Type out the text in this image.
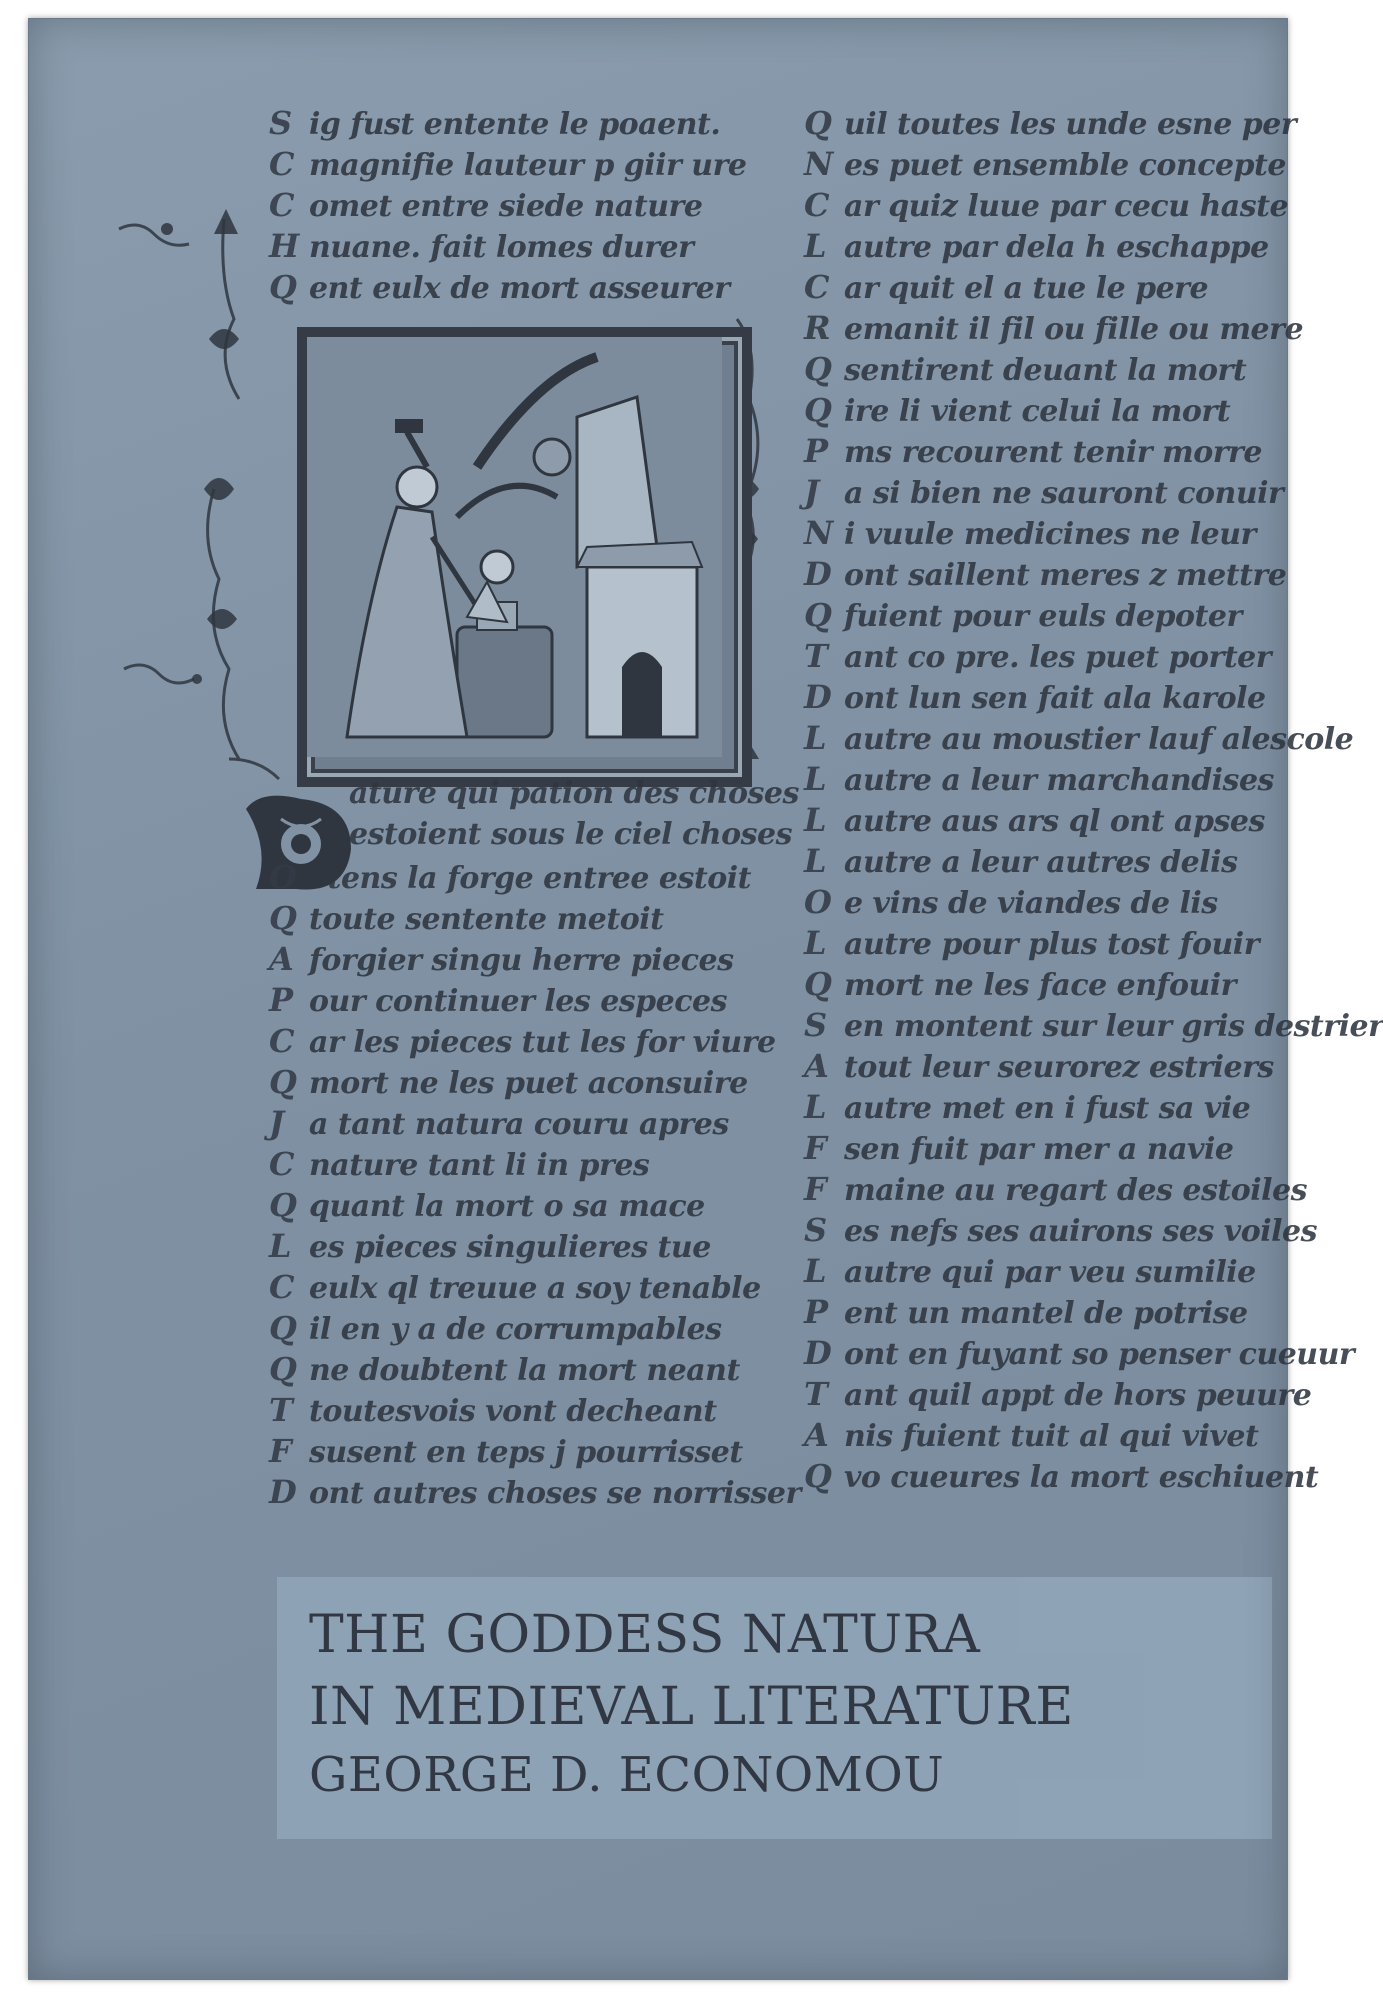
S ig fust entente le poaent.
C magnifie lauteur p giir ure
C omet entre siede nature
H nuane. fait lomes durer
Q ent eulx de mort asseurer
ature qui pation des choses
estoient sous le ciel choses
O etens la forge entree estoit
Q toute sentente metoit
A forgier singu herre pieces
P our continuer les especes
C ar les pieces tut les for viure
Q mort ne les puet aconsuire
J a tant natura couru apres
C nature tant li in pres
Q quant la mort o sa mace
L es pieces singulieres tue
C eulx ql treuue a soy tenable
Q il en y a de corrumpables
Q ne doubtent la mort neant
T toutesvois vont decheant
F susent en teps j pourrisset
D ont autres choses se norrisser
Q uil toutes les unde esne per
N es puet ensemble concepte
C ar quiz luue par cecu haste
L autre par dela h eschappe
C ar quit el a tue le pere
R emanit il fil ou fille ou mere
Q sentirent deuant la mort
Q ire li vient celui la mort
P ms recourent tenir morre
J a si bien ne sauront conuir
N i vuule medicines ne leur
D ont saillent meres z mettre
Q fuient pour euls depoter
T ant co pre. les puet porter
D ont lun sen fait ala karole
L autre au moustier lauf alescole
L autre a leur marchandises
L autre aus ars ql ont apses
L autre a leur autres delis
O e vins de viandes de lis
L autre pour plus tost fouir
Q mort ne les face enfouir
S en montent sur leur gris destrier
A tout leur seurorez estriers
L autre met en i fust sa vie
F sen fuit par mer a navie
F maine au regart des estoiles
S es nefs ses auirons ses voiles
L autre qui par veu sumilie
P ent un mantel de potrise
D ont en fuyant so penser cueuur
T ant quil appt de hors peuure
A nis fuient tuit al qui vivet
Q vo cueures la mort eschiuent
THE GODDESS NATURA
IN MEDIEVAL LITERATURE
GEORGE D. ECONOMOU
